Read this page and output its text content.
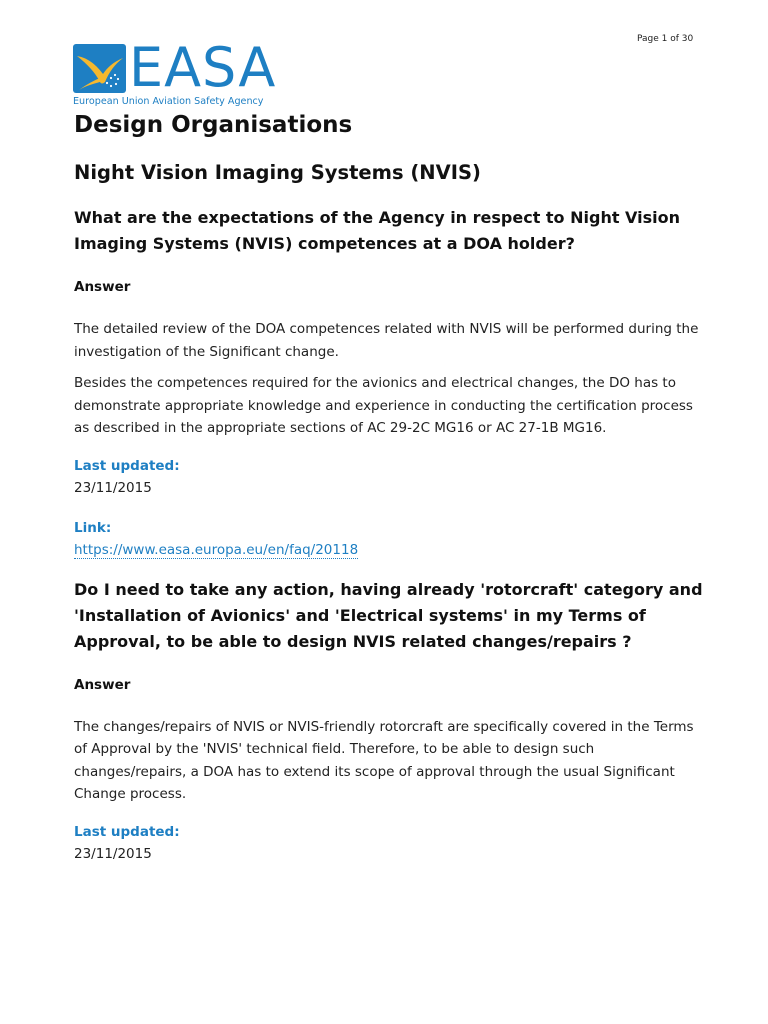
Page 1 of 30
EASA
European Union Aviation Safety Agency
Design Organisations
Night Vision Imaging Systems (NVIS)

What are the expectations of the Agency in respect to Night Vision Imaging Systems (NVIS) competences at a DOA holder?

Answer

The detailed review of the DOA competences related with NVIS will be performed during the investigation of the Significant change.

Besides the competences required for the avionics and electrical changes, the DO has to demonstrate appropriate knowledge and experience in conducting the certification process as described in the appropriate sections of AC 29-2C MG16 or AC 27-1B MG16.

Last updated:
23/11/2015
Link:
https://www.easa.europa.eu/en/faq/20118

Do I need to take any action, having already 'rotorcraft' category and 'Installation of Avionics' and 'Electrical systems' in my Terms of Approval, to be able to design NVIS related changes/repairs ?

Answer

The changes/repairs of NVIS or NVIS-friendly rotorcraft are specifically covered in the Terms of Approval by the 'NVIS' technical field. Therefore, to be able to design such changes/repairs, a DOA has to extend its scope of approval through the usual Significant Change process.

Last updated:
23/11/2015
